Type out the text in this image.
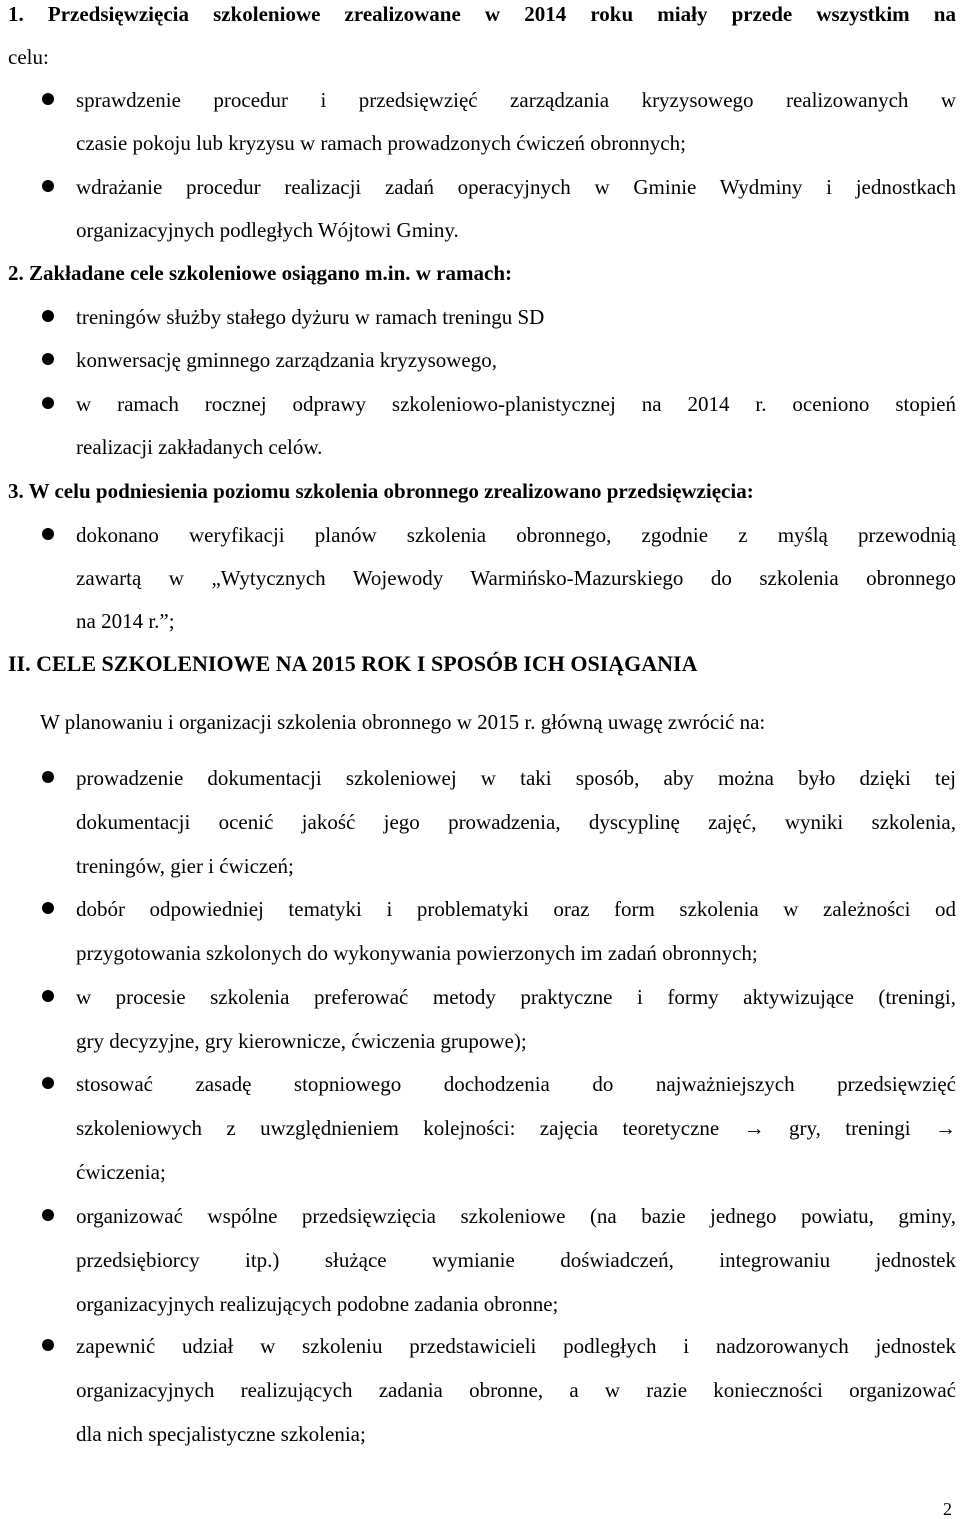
1. Przedsięwzięcia szkoleniowe zrealizowane w 2014 roku miały przede wszystkim na
celu:
sprawdzenie procedur i przedsięwzięć zarządzania kryzysowego realizowanych w
czasie pokoju lub kryzysu w ramach prowadzonych ćwiczeń obronnych;
wdrażanie procedur realizacji zadań operacyjnych w Gminie Wydminy i jednostkach
organizacyjnych podległych Wójtowi Gminy.
2. Zakładane cele szkoleniowe osiągano m.in. w ramach:
treningów służby stałego dyżuru w ramach treningu SD
konwersację gminnego zarządzania kryzysowego,
w ramach rocznej odprawy szkoleniowo-planistycznej na 2014 r. oceniono stopień
realizacji zakładanych celów.
3. W celu podniesienia poziomu szkolenia obronnego zrealizowano przedsięwzięcia:
dokonano weryfikacji planów szkolenia obronnego, zgodnie z myślą przewodnią
zawartą w „Wytycznych Wojewody Warmińsko-Mazurskiego do szkolenia obronnego
na 2014 r.”;
II. CELE SZKOLENIOWE NA 2015 ROK I SPOSÓB ICH OSIĄGANIA
W planowaniu i organizacji szkolenia obronnego w 2015 r. główną uwagę zwrócić na:
prowadzenie dokumentacji szkoleniowej w taki sposób, aby można było dzięki tej
dokumentacji ocenić jakość jego prowadzenia, dyscyplinę zajęć, wyniki szkolenia,
treningów, gier i ćwiczeń;
dobór odpowiedniej tematyki i problematyki oraz form szkolenia w zależności od
przygotowania szkolonych do wykonywania powierzonych im zadań obronnych;
w procesie szkolenia preferować metody praktyczne i formy aktywizujące (treningi,
gry decyzyjne, gry kierownicze, ćwiczenia grupowe);
stosować zasadę stopniowego dochodzenia do najważniejszych przedsięwzięć
szkoleniowych z uwzględnieniem kolejności: zajęcia teoretyczne → gry, treningi →
ćwiczenia;
organizować wspólne przedsięwzięcia szkoleniowe (na bazie jednego powiatu, gminy,
przedsiębiorcy itp.) służące wymianie doświadczeń, integrowaniu jednostek
organizacyjnych realizujących podobne zadania obronne;
zapewnić udział w szkoleniu przedstawicieli podległych i nadzorowanych jednostek
organizacyjnych realizujących zadania obronne, a w razie konieczności organizować
dla nich specjalistyczne szkolenia;
2
